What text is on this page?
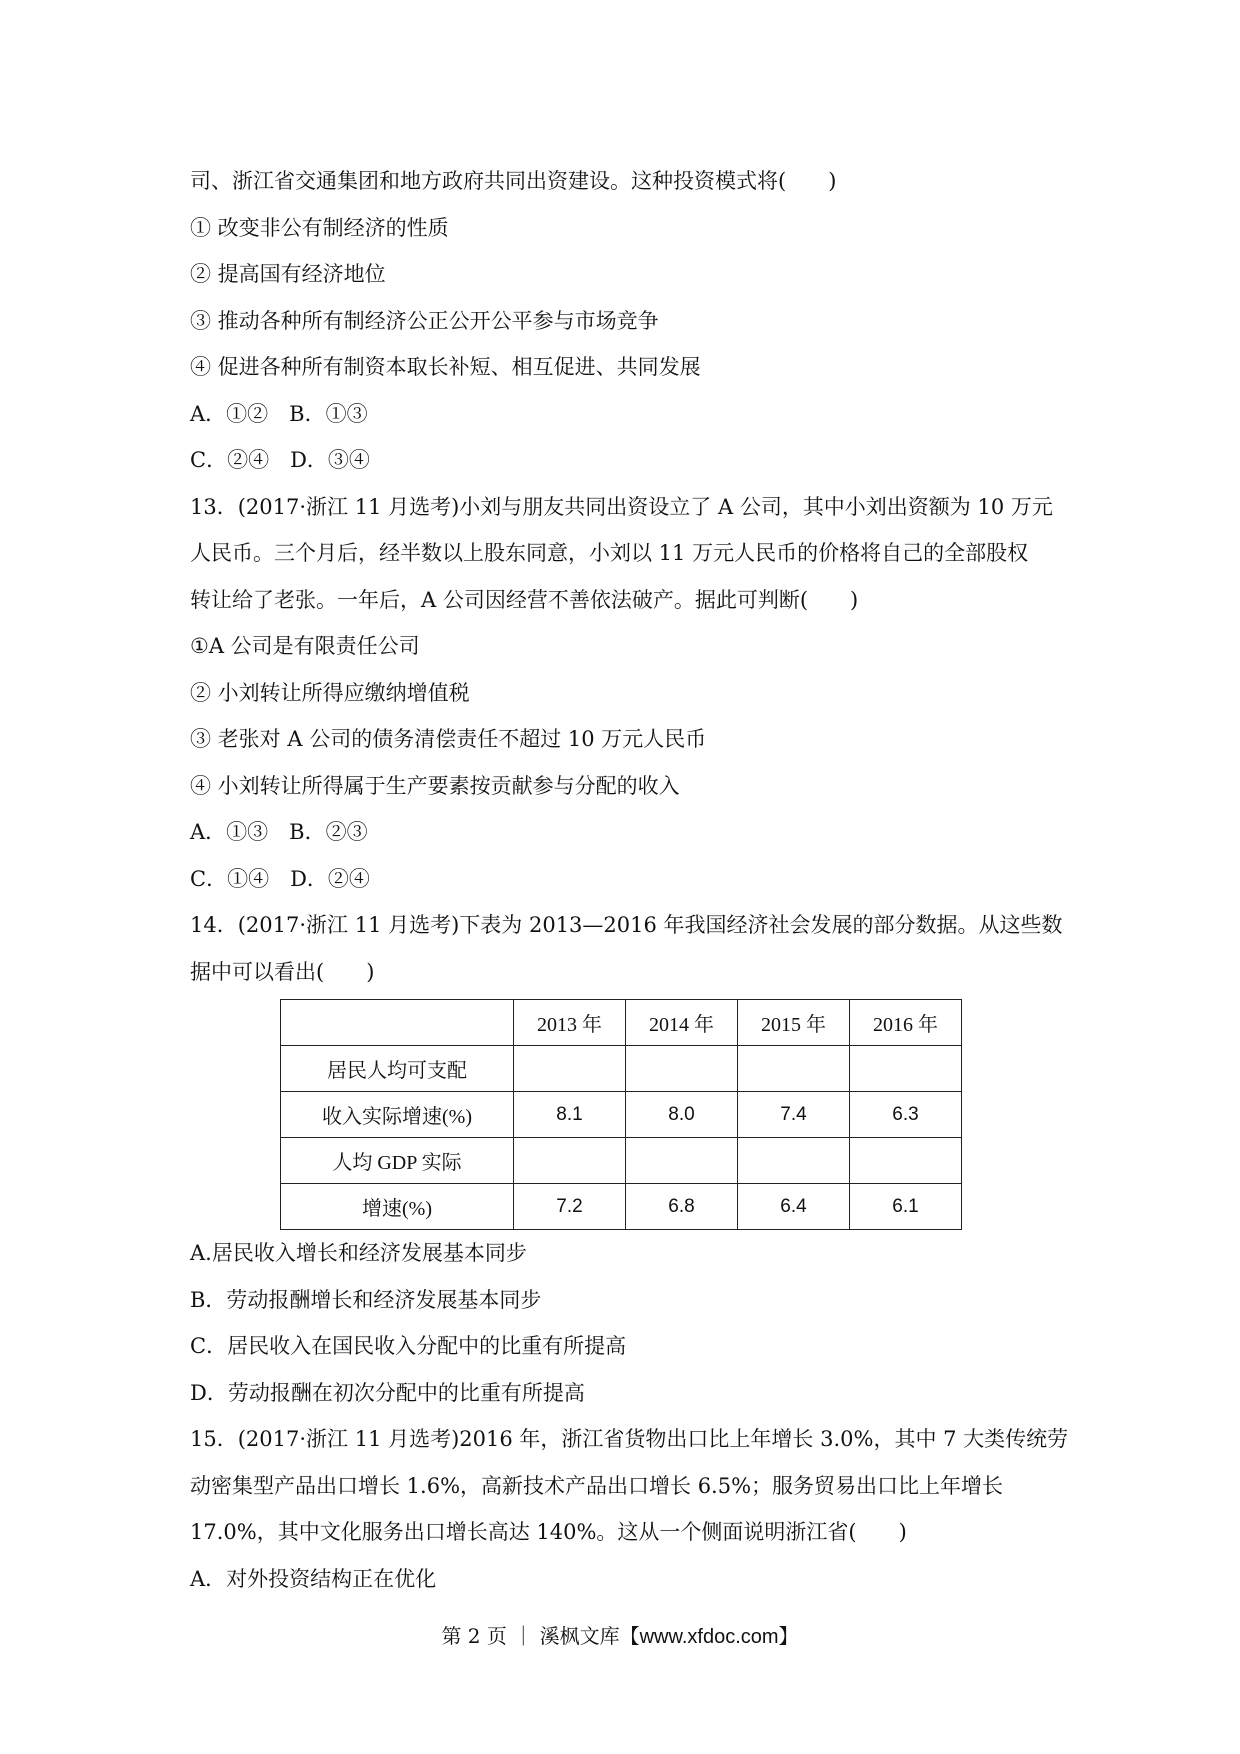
司、浙江省交通集团和地方政府共同出资建设。这种投资模式将(　　)
① 改变非公有制经济的性质
② 提高国有经济地位
③ 推动各种所有制经济公正公开公平参与市场竞争
④ 促进各种所有制资本取长补短、相互促进、共同发展
A．①②　B．①③
C．②④　D．③④
13．(2017·浙江 11 月选考)小刘与朋友共同出资设立了 A 公司，其中小刘出资额为 10 万元
人民币。三个月后，经半数以上股东同意，小刘以 11 万元人民币的价格将自己的全部股权
转让给了老张。一年后，A 公司因经营不善依法破产。据此可判断(　　)
①A 公司是有限责任公司
② 小刘转让所得应缴纳增值税
③ 老张对 A 公司的债务清偿责任不超过 10 万元人民币
④ 小刘转让所得属于生产要素按贡献参与分配的收入
A．①③　B．②③
C．①④　D．②④
14．(2017·浙江 11 月选考)下表为 2013—2016 年我国经济社会发展的部分数据。从这些数
据中可以看出(　　)
	2013 年	2014 年	2015 年	2016 年
居民人均可支配				
收入实际增速(%)	8.1	8.0	7.4	6.3
人均 GDP 实际				
增速(%)	7.2	6.8	6.4	6.1
A.居民收入增长和经济发展基本同步
B．劳动报酬增长和经济发展基本同步
C．居民收入在国民收入分配中的比重有所提高
D．劳动报酬在初次分配中的比重有所提高
15．(2017·浙江 11 月选考)2016 年，浙江省货物出口比上年增长 3.0%，其中 7 大类传统劳
动密集型产品出口增长 1.6%，高新技术产品出口增长 6.5%；服务贸易出口比上年增长
17.0%，其中文化服务出口增长高达 140%。这从一个侧面说明浙江省(　　)
A．对外投资结构正在优化
第 2 页 ｜ 溪枫文库【www.xfdoc.com】
